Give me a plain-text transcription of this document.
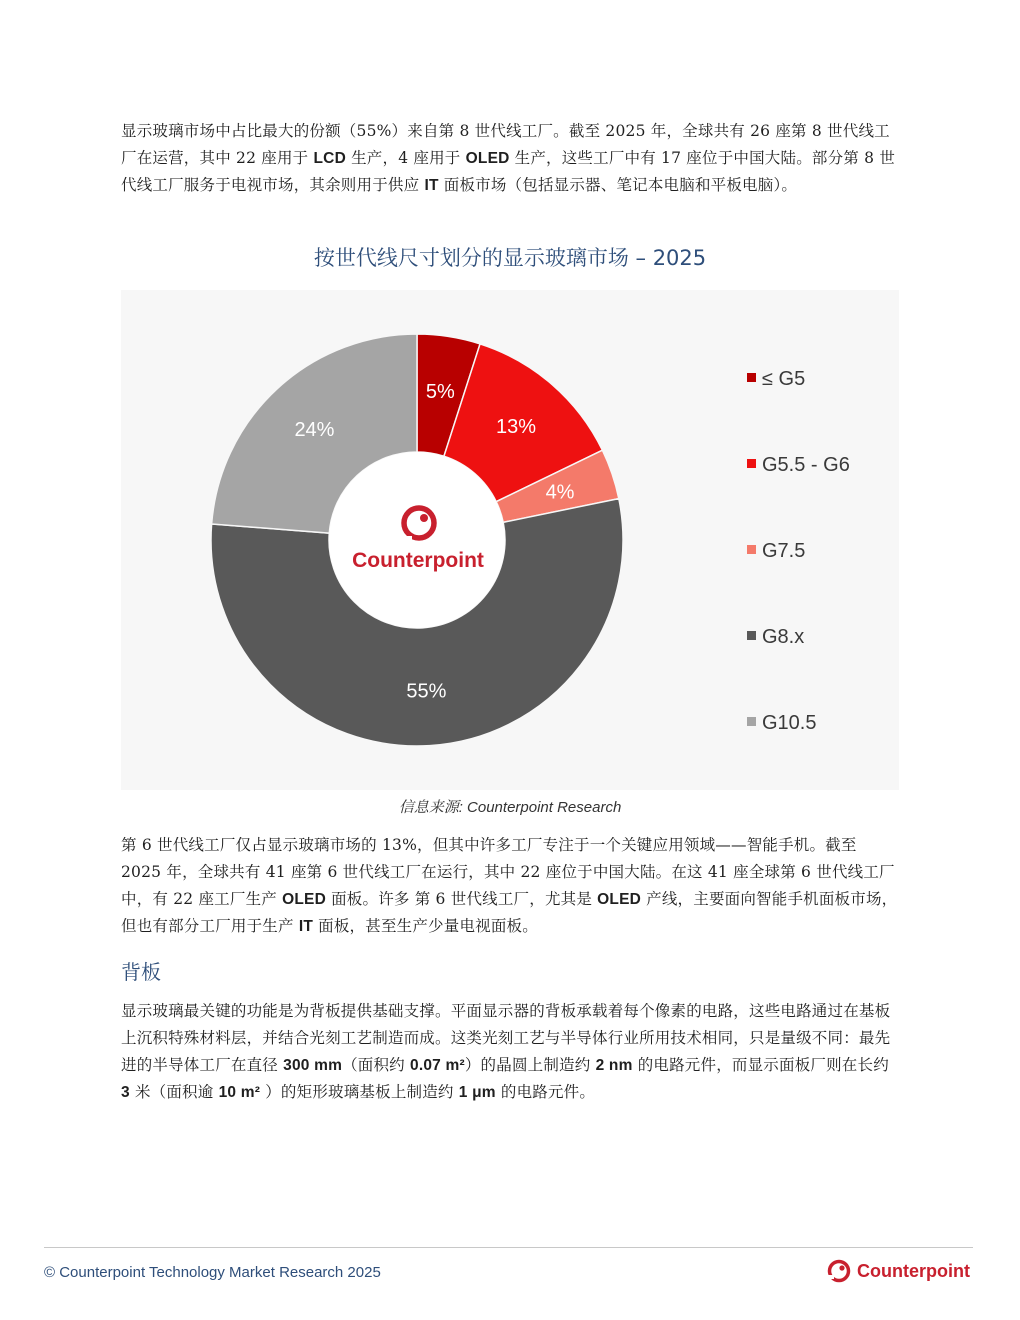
显示玻璃市场中占比最大的份额（55%）来自第 8 世代线工厂。截至 2025 年，全球共有 26 座第 8 世代线工厂在运营，其中 22 座用于 LCD 生产，4 座用于 OLED 生产，这些工厂中有 17 座位于中国大陆。部分第 8 世代线工厂服务于电视市场，其余则用于供应 IT 面板市场（包括显示器、笔记本电脑和平板电脑）。

按世代线尺寸划分的显示玻璃市场 – 2025
Counterpoint
5%
13%
4%
55%
24%
≤ G5
G5.5 - G6
G7.5
G8.x
G10.5
信息来源: Counterpoint Research

第 6 世代线工厂仅占显示玻璃市场的 13%，但其中许多工厂专注于一个关键应用领域——智能手机。截至 2025 年，全球共有 41 座第 6 世代线工厂在运行，其中 22 座位于中国大陆。在这 41 座全球第 6 世代线工厂中，有 22 座工厂生产 OLED 面板。许多 第 6 世代线工厂，尤其是 OLED 产线，主要面向智能手机面板市场，但也有部分工厂用于生产 IT 面板，甚至生产少量电视面板。

背板

显示玻璃最关键的功能是为背板提供基础支撑。平面显示器的背板承载着每个像素的电路，这些电路通过在基板上沉积特殊材料层，并结合光刻工艺制造而成。这类光刻工艺与半导体行业所用技术相同，只是量级不同：最先进的半导体工厂在直径 300 mm（面积约 0.07 m²）的晶圆上制造约 2 nm 的电路元件，而显示面板厂则在长约 3 米（面积逾 10 m² ）的矩形玻璃基板上制造约 1 μm 的电路元件。

© Counterpoint Technology Market Research 2025	Counterpoint
